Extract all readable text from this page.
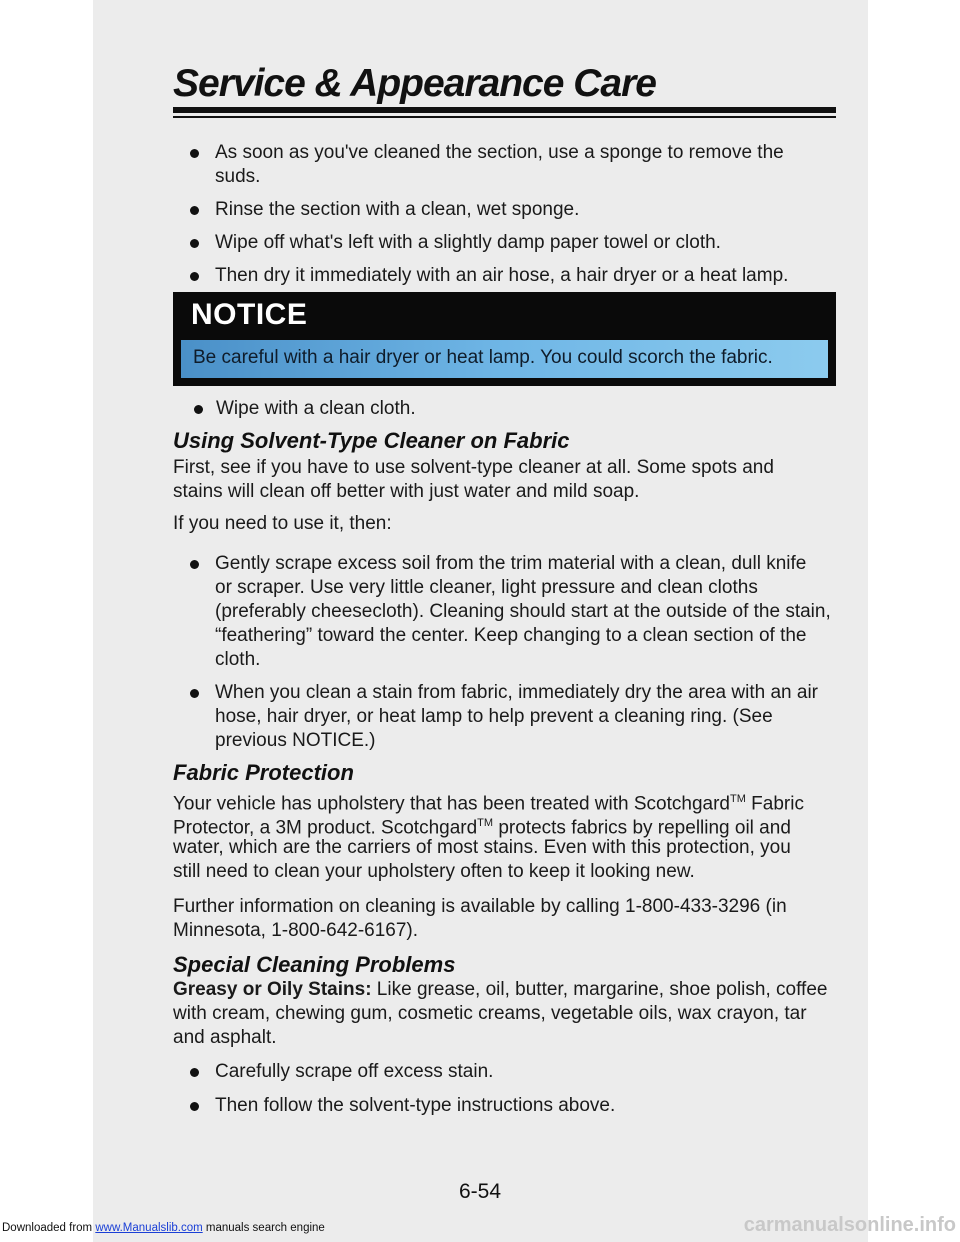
Service & Appearance Care
As soon as you've cleaned the section, use a sponge to remove the
suds.
Rinse the section with a clean, wet sponge.
Wipe off what's left with a slightly damp paper towel or cloth.
Then dry it immediately with an air hose, a hair dryer or a heat lamp.
NOTICE
Be careful with a hair dryer or heat lamp. You could scorch the fabric.
Wipe with a clean cloth.
Using Solvent-Type Cleaner on Fabric

First, see if you have to use solvent-type cleaner at all. Some spots and

stains will clean off better with just water and mild soap.

If you need to use it, then:

Gently scrape excess soil from the trim material with a clean, dull knife
or scraper. Use very little cleaner, light pressure and clean cloths
(preferably cheesecloth). Cleaning should start at the outside of the stain,
“feathering” toward the center. Keep changing to a clean section of the
cloth.
When you clean a stain from fabric, immediately dry the area with an air
hose, hair dryer, or heat lamp to help prevent a cleaning ring. (See
previous NOTICE.)
Fabric Protection

Your vehicle has upholstery that has been treated with Scotchgard™ Fabric

Protector, a 3M product. Scotchgard™ protects fabrics by repelling oil and

water, which are the carriers of most stains. Even with this protection, you

still need to clean your upholstery often to keep it looking new.

Further information on cleaning is available by calling 1-800-433-3296 (in

Minnesota, 1-800-642-6167).

Special Cleaning Problems

Greasy or Oily Stains: Like grease, oil, butter, margarine, shoe polish, coffee

with cream, chewing gum, cosmetic creams, vegetable oils, wax crayon, tar

and asphalt.

Carefully scrape off excess stain.
Then follow the solvent-type instructions above.
6-54
Downloaded from www.Manualslib.com manuals search engine	carmanualsonline.info
